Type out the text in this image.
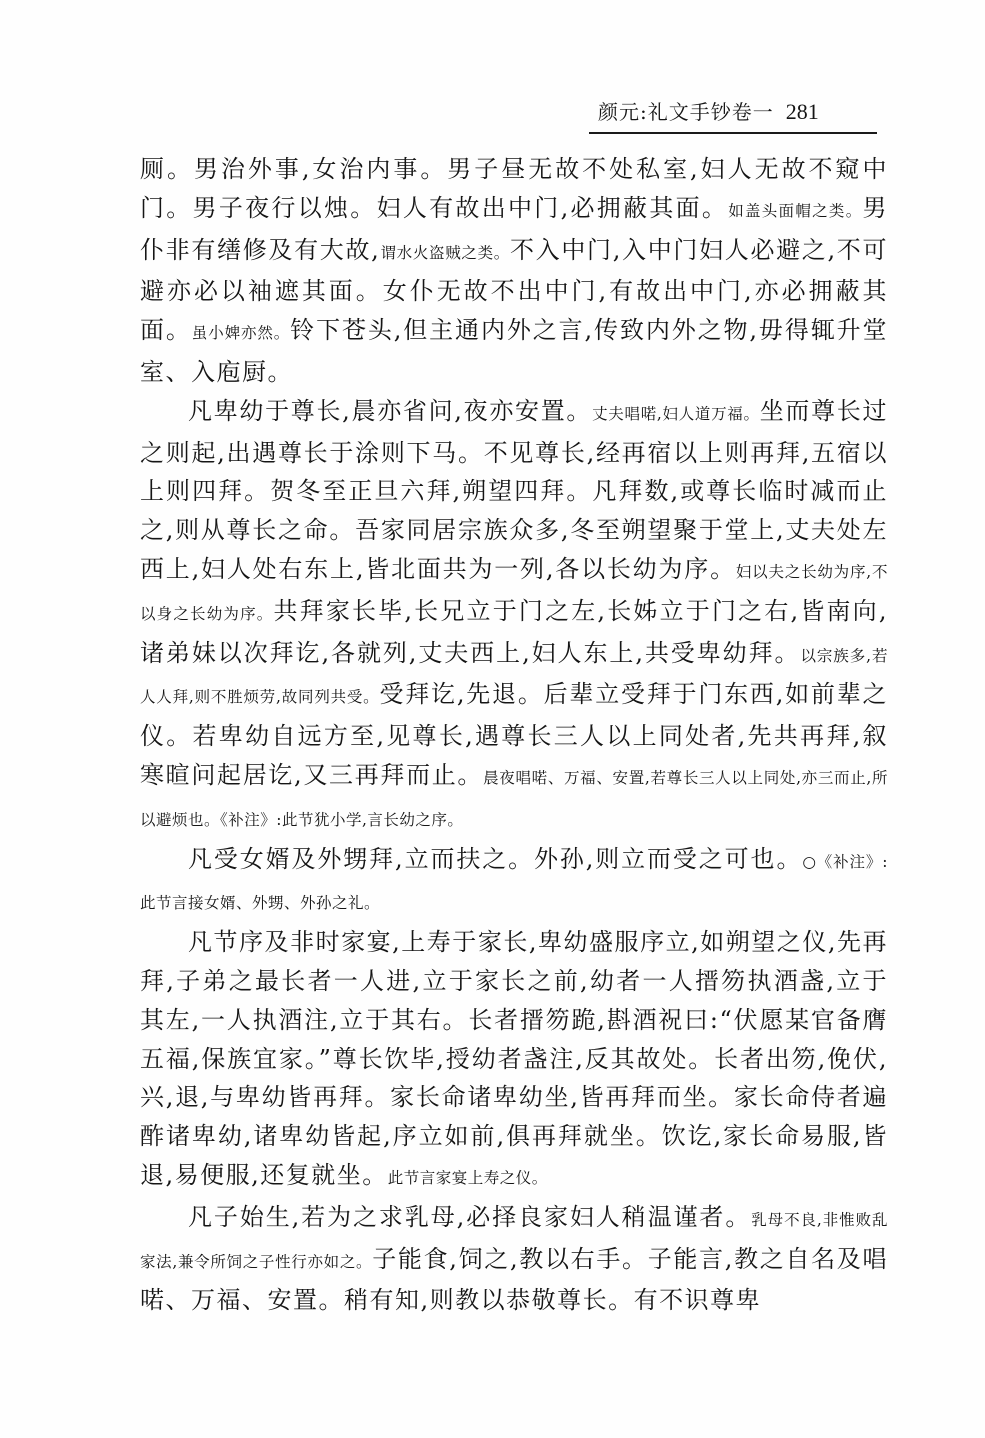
颜元:礼文手钞卷一 281

厕。男治外事,女治内事。男子昼无故不处私室,妇人无故不窥中门。男子夜行以烛。妇人有故出中门,必拥蔽其面。如盖头面帽之类。男仆非有缮修及有大故,谓水火盗贼之类。不入中门,入中门妇人必避之,不可避亦必以袖遮其面。女仆无故不出中门,有故出中门,亦必拥蔽其面。虽小婢亦然。铃下苍头,但主通内外之言,传致内外之物,毋得辄升堂室、入庖厨。

凡卑幼于尊长,晨亦省问,夜亦安置。丈夫唱喏,妇人道万福。坐而尊长过之则起,出遇尊长于涂则下马。不见尊长,经再宿以上则再拜,五宿以上则四拜。贺冬至正旦六拜,朔望四拜。凡拜数,或尊长临时减而止之,则从尊长之命。吾家同居宗族众多,冬至朔望聚于堂上,丈夫处左西上,妇人处右东上,皆北面共为一列,各以长幼为序。妇以夫之长幼为序,不以身之长幼为序。共拜家长毕,长兄立于门之左,长姊立于门之右,皆南向,诸弟妹以次拜讫,各就列,丈夫西上,妇人东上,共受卑幼拜。以宗族多,若人人拜,则不胜烦劳,故同列共受。受拜讫,先退。后辈立受拜于门东西,如前辈之仪。若卑幼自远方至,见尊长,遇尊长三人以上同处者,先共再拜,叙寒暄问起居讫,又三再拜而止。晨夜唱喏、万福、安置,若尊长三人以上同处,亦三而止,所以避烦也。《补注》:此节犹小学,言长幼之序。

凡受女婿及外甥拜,立而扶之。外孙,则立而受之可也。○《补注》:此节言接女婿、外甥、外孙之礼。

凡节序及非时家宴,上寿于家长,卑幼盛服序立,如朔望之仪,先再拜,子弟之最长者一人进,立于家长之前,幼者一人搢笏执酒盏,立于其左,一人执酒注,立于其右。长者搢笏跪,斟酒祝曰:“伏愿某官备膺五福,保族宜家。”尊长饮毕,授幼者盏注,反其故处。长者出笏,俛伏,兴,退,与卑幼皆再拜。家长命诸卑幼坐,皆再拜而坐。家长命侍者遍酢诸卑幼,诸卑幼皆起,序立如前,俱再拜就坐。饮讫,家长命易服,皆退,易便服,还复就坐。此节言家宴上寿之仪。

凡子始生,若为之求乳母,必择良家妇人稍温谨者。乳母不良,非惟败乱家法,兼令所饲之子性行亦如之。子能食,饲之,教以右手。子能言,教之自名及唱喏、万福、安置。稍有知,则教以恭敬尊长。有不识尊卑
